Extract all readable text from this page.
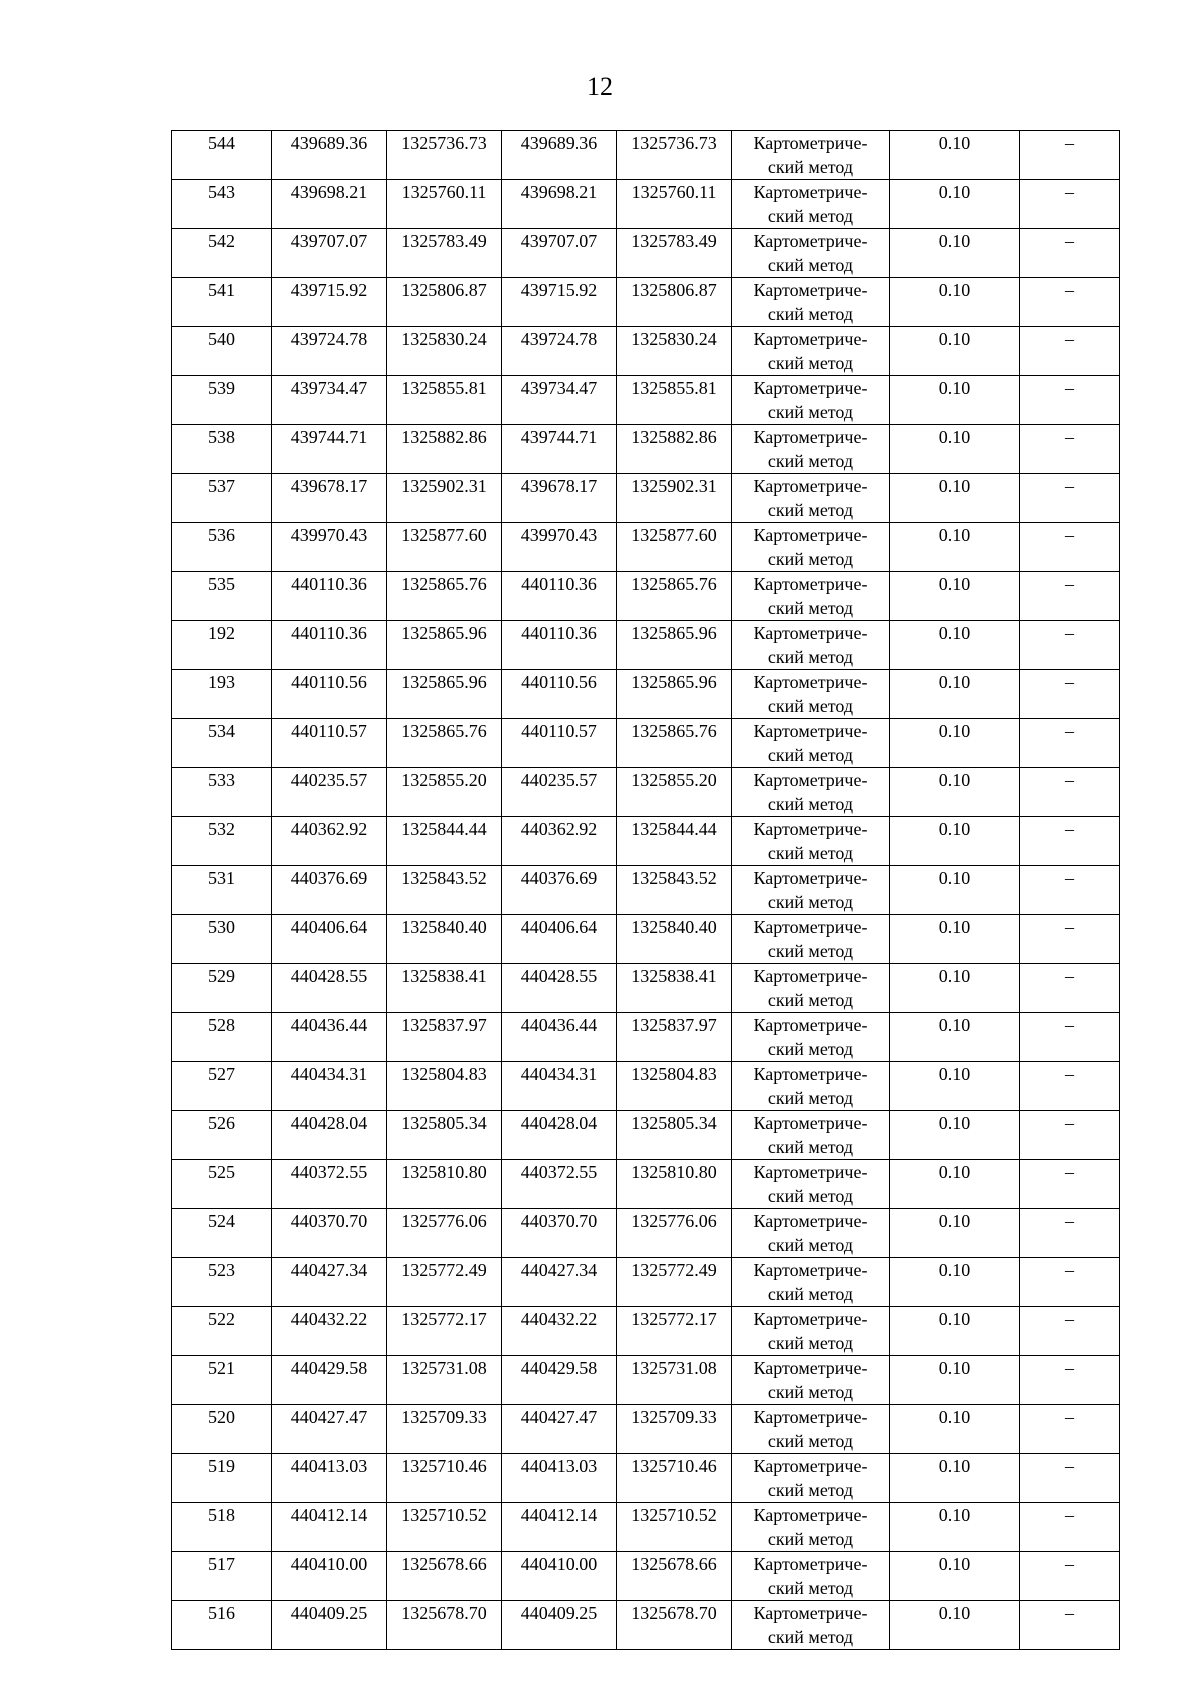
12
544	439689.36	1325736.73	439689.36	1325736.73	Картометриче-
ский метод	0.10	–

543	439698.21	1325760.11	439698.21	1325760.11	Картометриче-
ский метод	0.10	–

542	439707.07	1325783.49	439707.07	1325783.49	Картометриче-
ский метод	0.10	–

541	439715.92	1325806.87	439715.92	1325806.87	Картометриче-
ский метод	0.10	–

540	439724.78	1325830.24	439724.78	1325830.24	Картометриче-
ский метод	0.10	–

539	439734.47	1325855.81	439734.47	1325855.81	Картометриче-
ский метод	0.10	–

538	439744.71	1325882.86	439744.71	1325882.86	Картометриче-
ский метод	0.10	–

537	439678.17	1325902.31	439678.17	1325902.31	Картометриче-
ский метод	0.10	–

536	439970.43	1325877.60	439970.43	1325877.60	Картометриче-
ский метод	0.10	–

535	440110.36	1325865.76	440110.36	1325865.76	Картометриче-
ский метод	0.10	–

192	440110.36	1325865.96	440110.36	1325865.96	Картометриче-
ский метод	0.10	–

193	440110.56	1325865.96	440110.56	1325865.96	Картометриче-
ский метод	0.10	–

534	440110.57	1325865.76	440110.57	1325865.76	Картометриче-
ский метод	0.10	–

533	440235.57	1325855.20	440235.57	1325855.20	Картометриче-
ский метод	0.10	–

532	440362.92	1325844.44	440362.92	1325844.44	Картометриче-
ский метод	0.10	–

531	440376.69	1325843.52	440376.69	1325843.52	Картометриче-
ский метод	0.10	–

530	440406.64	1325840.40	440406.64	1325840.40	Картометриче-
ский метод	0.10	–

529	440428.55	1325838.41	440428.55	1325838.41	Картометриче-
ский метод	0.10	–

528	440436.44	1325837.97	440436.44	1325837.97	Картометриче-
ский метод	0.10	–

527	440434.31	1325804.83	440434.31	1325804.83	Картометриче-
ский метод	0.10	–

526	440428.04	1325805.34	440428.04	1325805.34	Картометриче-
ский метод	0.10	–

525	440372.55	1325810.80	440372.55	1325810.80	Картометриче-
ский метод	0.10	–

524	440370.70	1325776.06	440370.70	1325776.06	Картометриче-
ский метод	0.10	–

523	440427.34	1325772.49	440427.34	1325772.49	Картометриче-
ский метод	0.10	–

522	440432.22	1325772.17	440432.22	1325772.17	Картометриче-
ский метод	0.10	–

521	440429.58	1325731.08	440429.58	1325731.08	Картометриче-
ский метод	0.10	–

520	440427.47	1325709.33	440427.47	1325709.33	Картометриче-
ский метод	0.10	–

519	440413.03	1325710.46	440413.03	1325710.46	Картометриче-
ский метод	0.10	–

518	440412.14	1325710.52	440412.14	1325710.52	Картометриче-
ский метод	0.10	–

517	440410.00	1325678.66	440410.00	1325678.66	Картометриче-
ский метод	0.10	–

516	440409.25	1325678.70	440409.25	1325678.70	Картометриче-
ский метод	0.10	–
